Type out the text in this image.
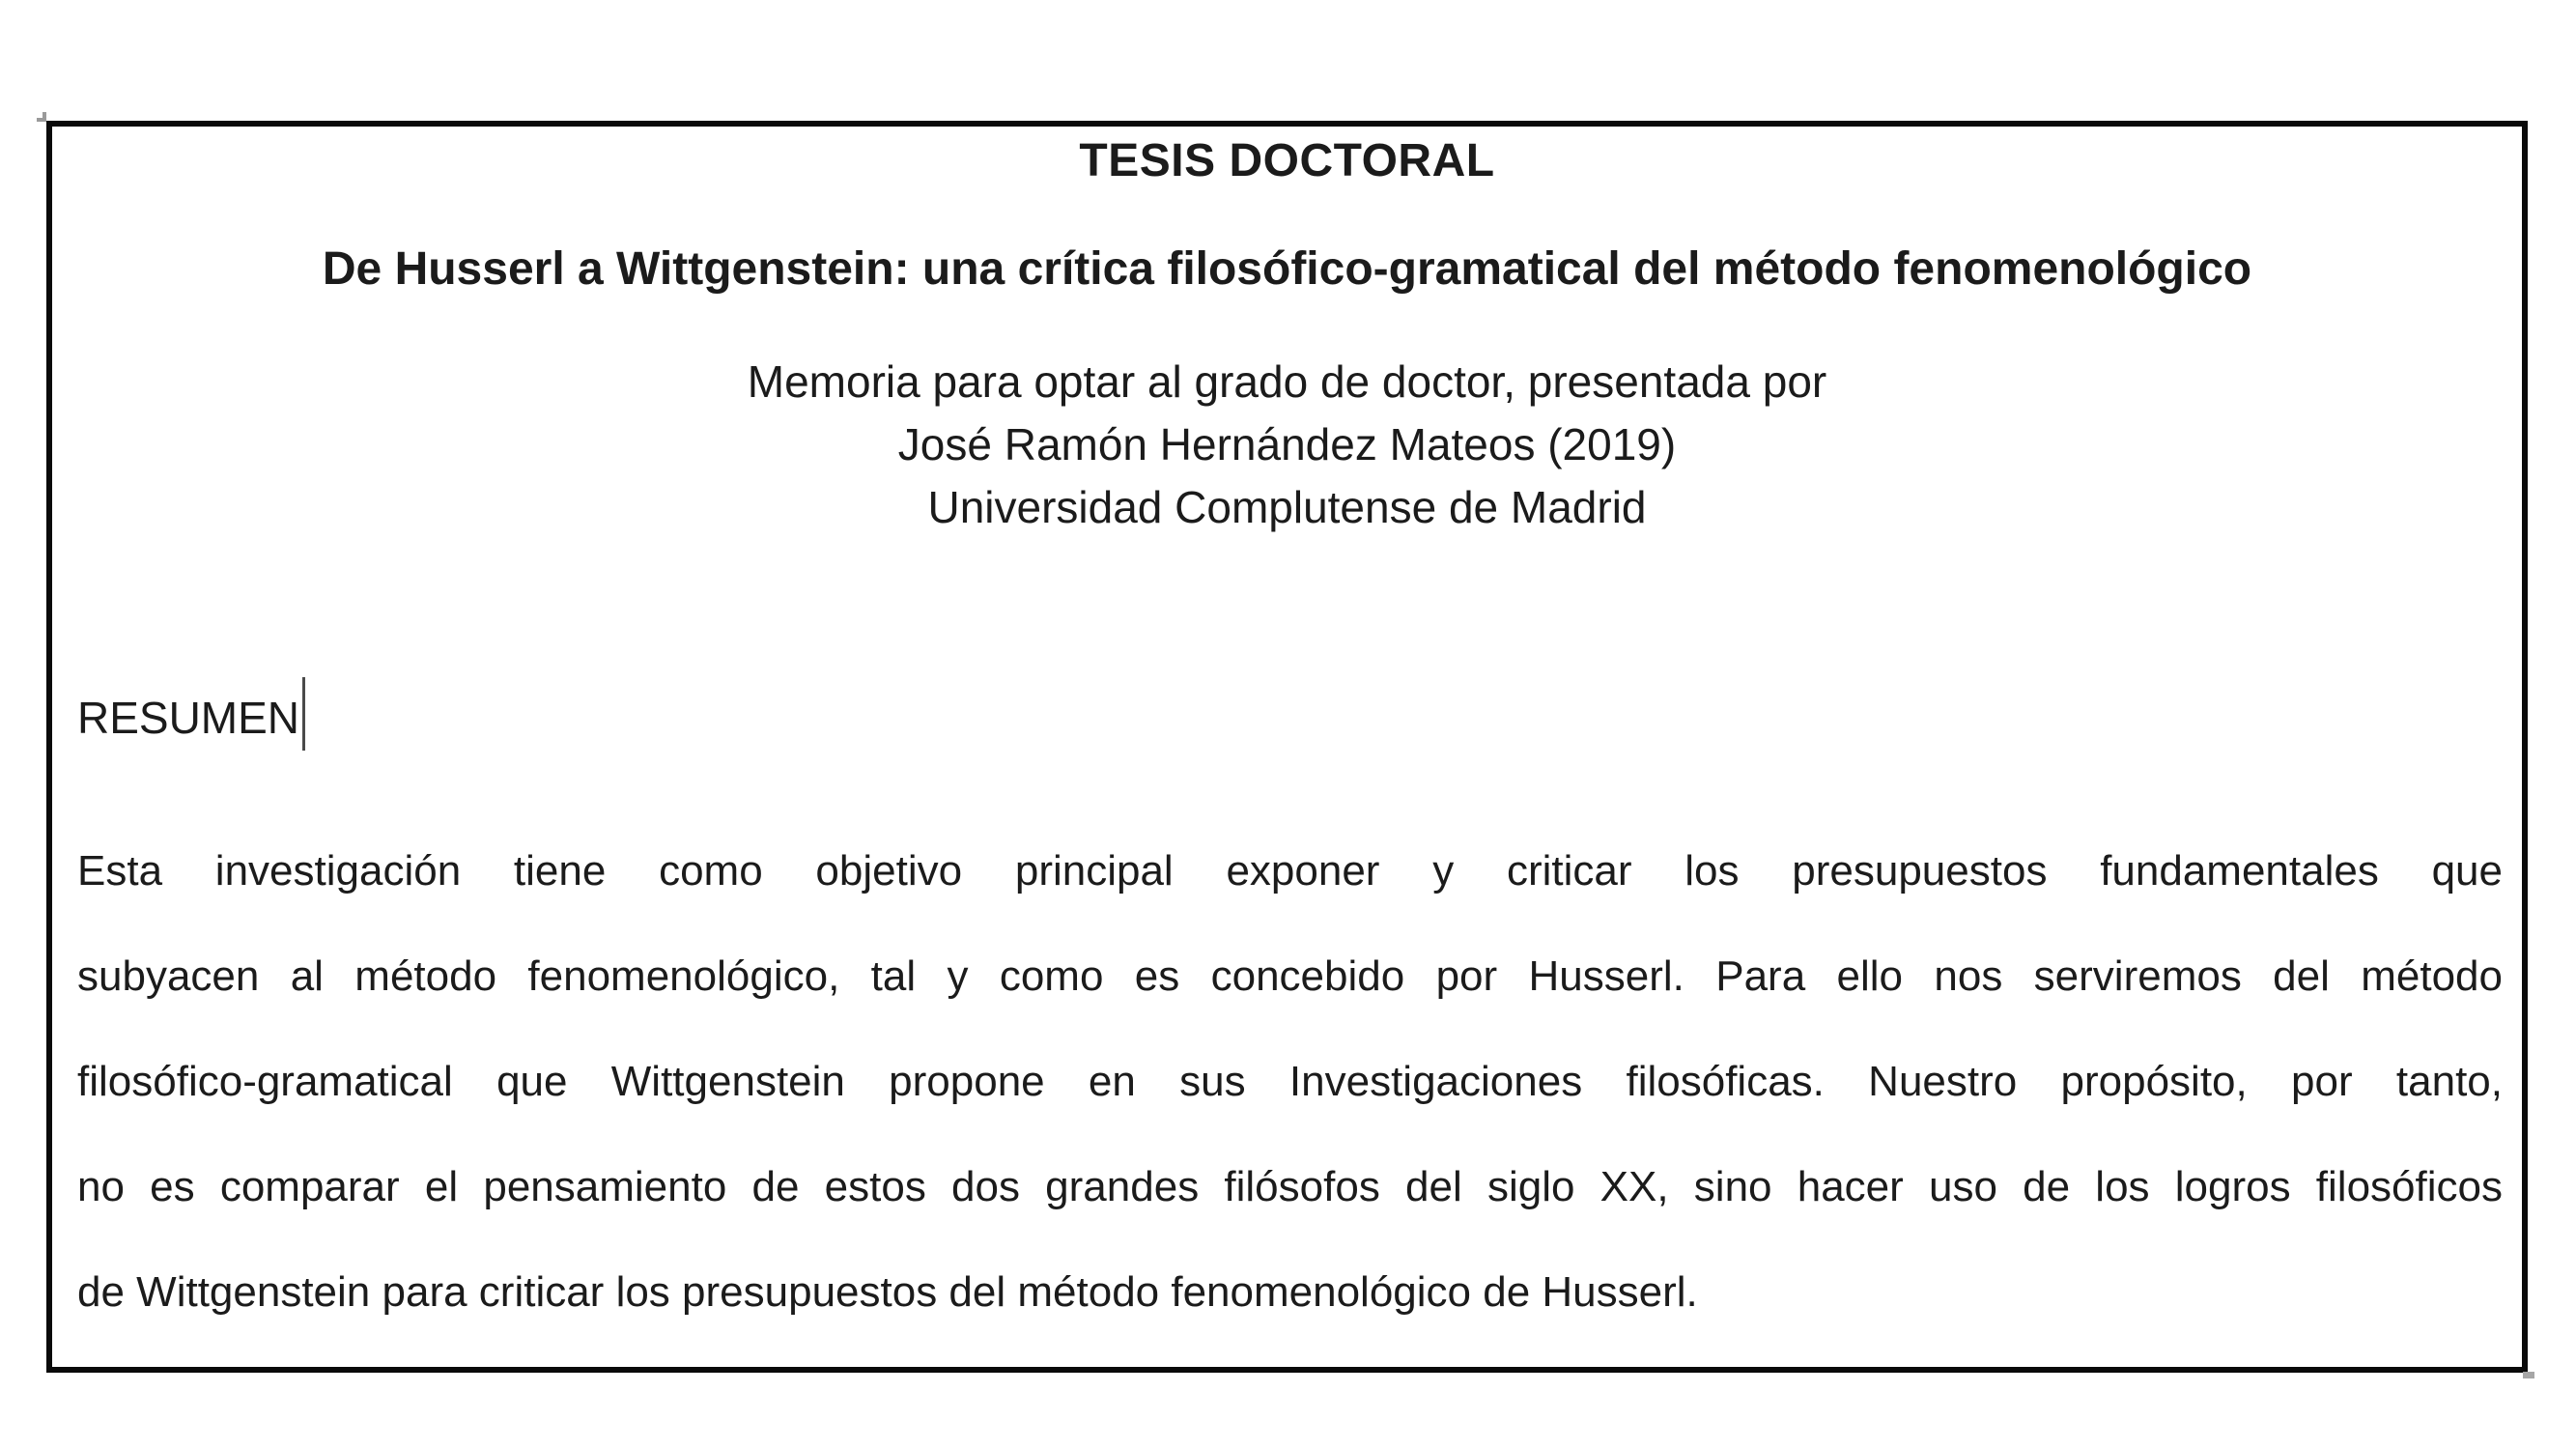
TESIS DOCTORAL
De Husserl a Wittgenstein: una crítica filosófico-gramatical del método fenomenológico
Memoria para optar al grado de doctor, presentada por
José Ramón Hernández Mateos (2019)
Universidad Complutense de Madrid
RESUMEN
Esta investigación tiene como objetivo principal exponer y criticar los presupuestos fundamentales que
subyacen al método fenomenológico, tal y como es concebido por Husserl. Para ello nos serviremos del método
filosófico-gramatical que Wittgenstein propone en sus Investigaciones filosóficas. Nuestro propósito, por tanto,
no es comparar el pensamiento de estos dos grandes filósofos del siglo XX, sino hacer uso de los logros filosóficos
de Wittgenstein para criticar los presupuestos del método fenomenológico de Husserl.
